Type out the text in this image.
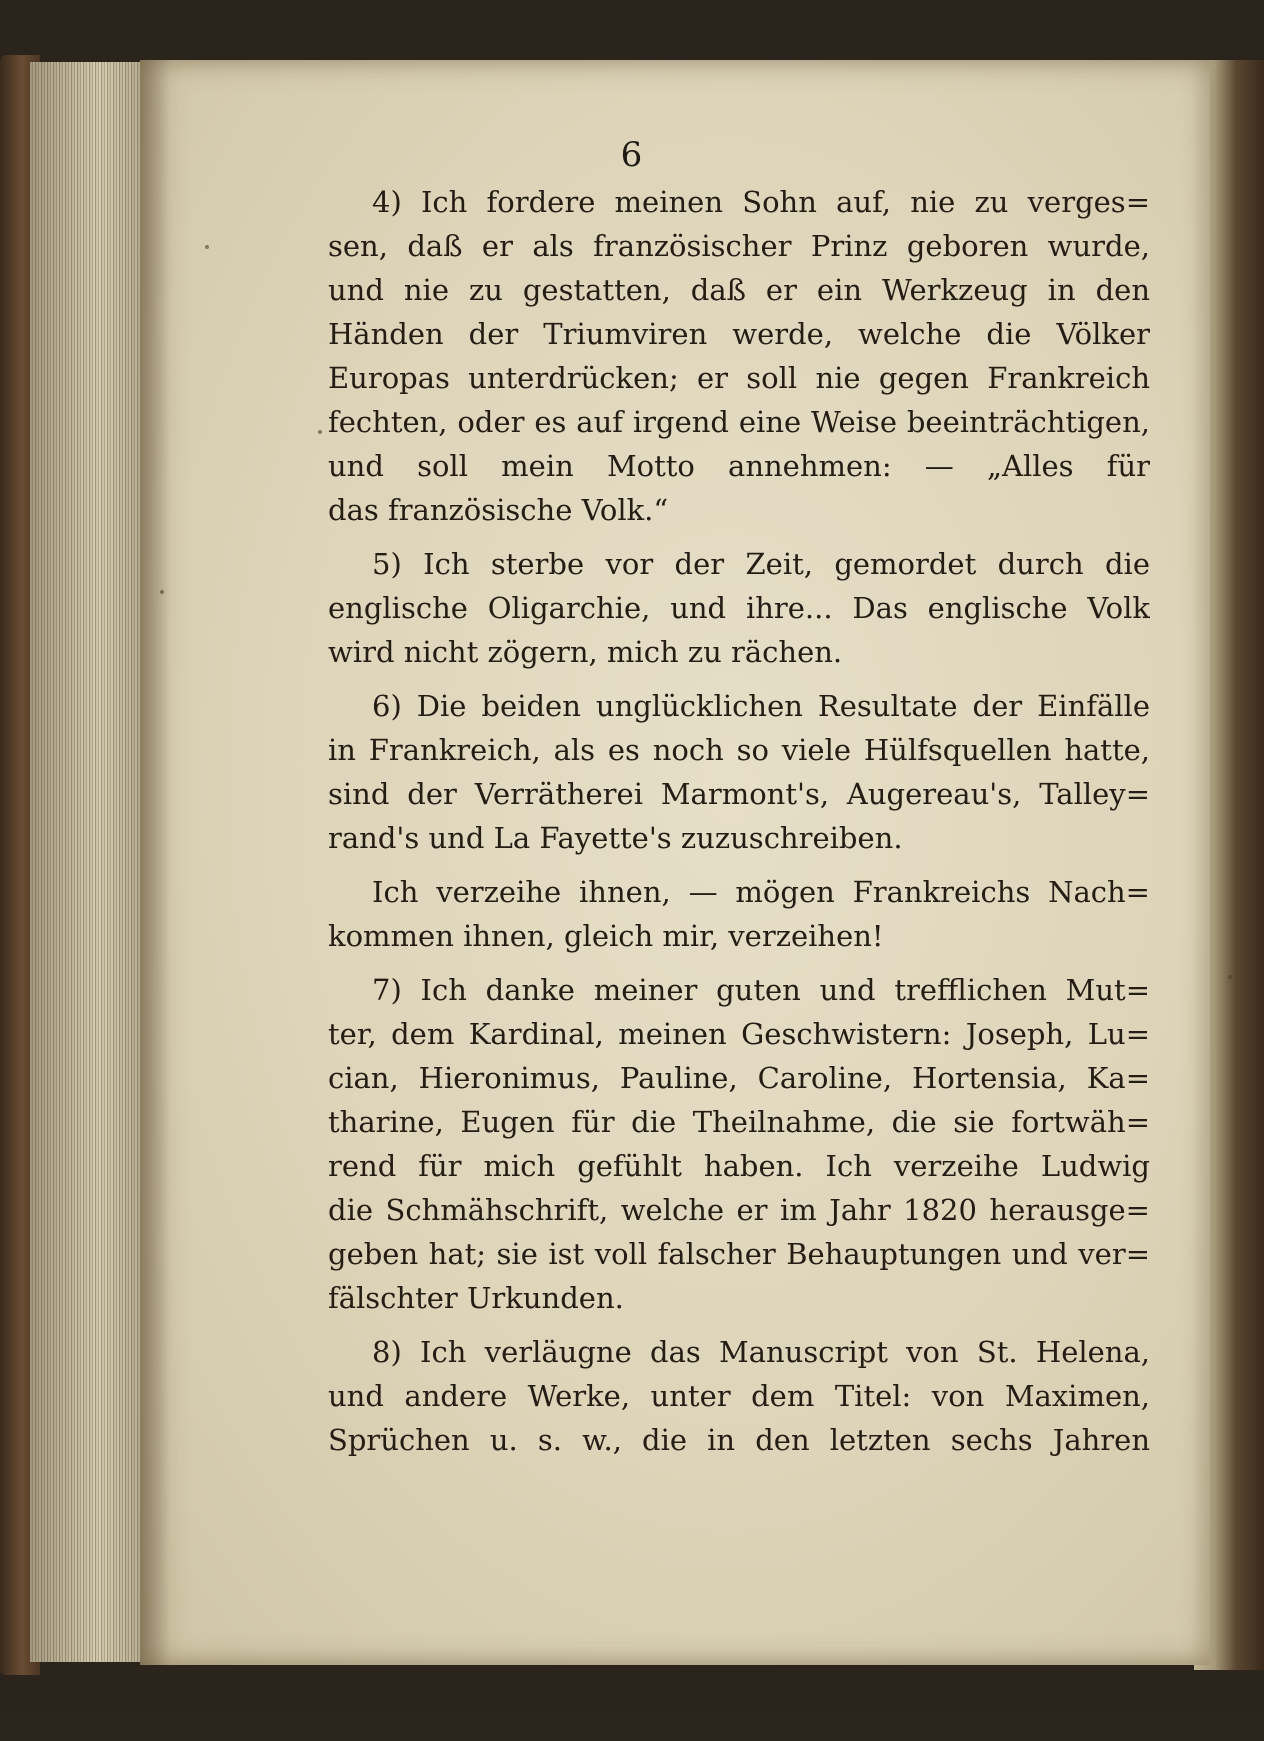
6
4) Ich fordere meinen Sohn auf, nie zu verges=
sen, daß er als französischer Prinz geboren wurde,
und nie zu gestatten, daß er ein Werkzeug in den
Händen der Triumviren werde, welche die Völker
Europas unterdrücken; er soll nie gegen Frankreich
fechten, oder es auf irgend eine Weise beeinträchtigen,
und soll mein Motto annehmen: — „Alles für
das französische Volk.“
5) Ich sterbe vor der Zeit, gemordet durch die
englische Oligarchie, und ihre... Das englische Volk
wird nicht zögern, mich zu rächen.
6) Die beiden unglücklichen Resultate der Einfälle
in Frankreich, als es noch so viele Hülfsquellen hatte,
sind der Verrätherei Marmont's, Augereau's, Talley=
rand's und La Fayette's zuzuschreiben.
Ich verzeihe ihnen, — mögen Frankreichs Nach=
kommen ihnen, gleich mir, verzeihen!
7) Ich danke meiner guten und trefflichen Mut=
ter, dem Kardinal, meinen Geschwistern: Joseph, Lu=
cian, Hieronimus, Pauline, Caroline, Hortensia, Ka=
tharine, Eugen für die Theilnahme, die sie fortwäh=
rend für mich gefühlt haben. Ich verzeihe Ludwig
die Schmähschrift, welche er im Jahr 1820 herausge=
geben hat; sie ist voll falscher Behauptungen und ver=
fälschter Urkunden.
8) Ich verläugne das Manuscript von St. Helena,
und andere Werke, unter dem Titel: von Maximen,
Sprüchen u. s. w., die in den letzten sechs Jahren
